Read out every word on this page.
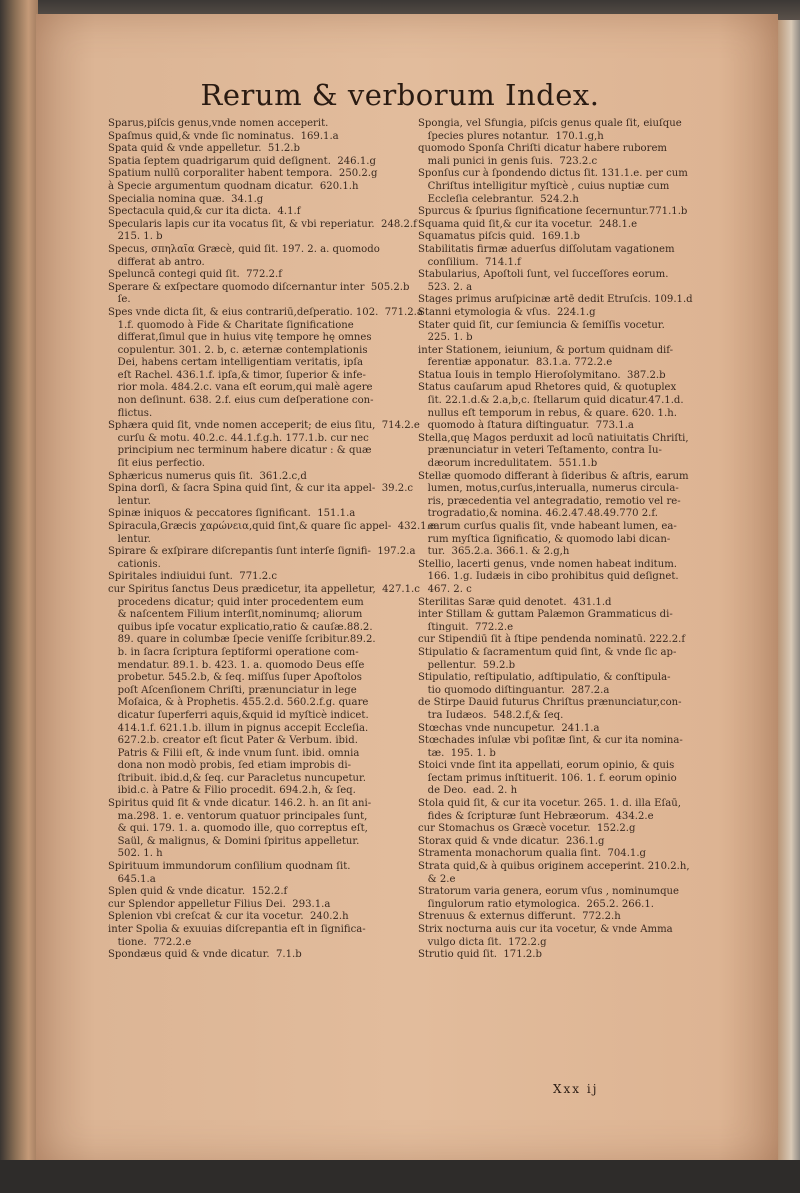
Rerum & verborum Index.
Sparus,piſcis genus,vnde nomen acceperit.
Spaſmus quid,& vnde ſic nominatus.  169.1.a
Spata quid & vnde appelletur.  51.2.b
Spatia ſeptem quadrigarum quid deſignent.  246.1.g
Spatium nullū corporaliter habent tempora.  250.2.g
à Specie argumentum quodnam dicatur.  620.1.h
Specialia nomina quæ.  34.1.g
Spectacula quid,& cur ita dicta.  4.1.f
Specularis lapis cur ita vocatus ſit, & vbi reperiatur.  248.2.f
215. 1. b
Specus, σπηλαῖα Græcè, quid ſit. 197. 2. a. quomodo
differat ab antro.
Speluncā contegi quid ſit.  772.2.f
Sperare & exſpectare quomodo diſcernantur inter  505.2.b
ſe.
Spes vnde dicta ſit, & eius contrariū,deſperatio. 102.  771.2.a
1.f. quomodo à Fide & Charitate ſignificatione
differat,ſimul que in huius vitę tempore hę omnes
copulentur. 301. 2. b, c. æternæ contemplationis
Dei, habens certam intelligentiam veritatis, ipſa
eſt Rachel. 436.1.f. ipſa,& timor, ſuperior & infe-
rior mola. 484.2.c. vana eſt eorum,qui malè agere
non deſinunt. 638. 2.f. eius cum deſperatione con-
flictus.
Sphæra quid ſit, vnde nomen acceperit; de eius ſitu,  714.2.e
curſu & motu. 40.2.c. 44.1.f.g.h. 177.1.b. cur nec
principium nec terminum habere dicatur : & quæ
ſit eius perfectio.
Sphæricus numerus quis ſit.  361.2.c,d
Spina dorſi, & ſacra Spina quid ſint, & cur ita appel-  39.2.c
lentur.
Spinæ iniquos & peccatores ſignificant.  151.1.a
Spiracula,Græcis χαρώνεια,quid ſint,& quare ſic appel-  432.1.e
lentur.
Spirare & exſpirare diſcrepantis ſunt interſe ſignifi-  197.2.a
cationis.
Spiritales indiuidui ſunt.  771.2.c
cur Spiritus ſanctus Deus prædicetur, ita appelletur,  427.1.c
procedens dicatur; quid inter procedentem eum
& naſcentem Filium interſit,nominumq; aliorum
quibus ipſe vocatur explicatio,ratio & cauſæ.88.2.
89. quare in columbæ ſpecie veniſſe ſcribitur.89.2.
b. in ſacra ſcriptura ſeptiformi operatione com-
mendatur. 89.1. b. 423. 1. a. quomodo Deus eſſe
probetur. 545.2.b, & ſeq. miſſus ſuper Apoſtolos
poſt Aſcenſionem Chriſti, prænunciatur in lege
Moſaica, & à Prophetis. 455.2.d. 560.2.f.g. quare
dicatur ſuperferri aquis,&quid id myſticè indicet.
414.1.f. 621.1.b. illum in pignus accepit Eccleſia.
627.2.b. creator eſt ſicut Pater & Verbum. ibid.
Patris & Filii eſt, & inde vnum ſunt. ibid. omnia
dona non modò probis, ſed etiam improbis di-
ſtribuit. ibid.d,& ſeq. cur Paracletus nuncupetur.
ibid.c. à Patre & Filio procedit. 694.2.h, & ſeq.
Spiritus quid ſit & vnde dicatur. 146.2. h. an ſit ani-
ma.298. 1. e. ventorum quatuor principales ſunt,
& qui. 179. 1. a. quomodo ille, quo correptus eſt,
Saül, & malignus, & Domini ſpiritus appelletur.
502. 1. h
Spirituum immundorum conſilium quodnam ſit.
645.1.a
Splen quid & vnde dicatur.  152.2.f
cur Splendor appelletur Filius Dei.  293.1.a
Splenion vbi creſcat & cur ita vocetur.  240.2.h
inter Spolia & exuuias diſcrepantia eſt in ſignifica-
tione.  772.2.e
Spondæus quid & vnde dicatur.  7.1.b
Spongia, vel Sfungia, piſcis genus quale ſit, eiuſque
ſpecies plures notantur.  170.1.g,h
quomodo Sponſa Chriſti dicatur habere ruborem
mali punici in genis ſuis.  723.2.c
Sponſus cur à ſpondendo dictus ſit. 131.1.e. per cum
Chriſtus intelligitur myſticè , cuius nuptiæ cum
Eccleſia celebrantur.  524.2.h
Spurcus & ſpurius ſignificatione ſecernuntur.771.1.b
Squama quid ſit,& cur ita vocetur.  248.1.e
Squamatus piſcis quid.  169.1.b
Stabilitatis firmæ aduerſus diſſolutam vagationem
conſilium.  714.1.f
Stabularius, Apoſtoli ſunt, vel ſucceſſores eorum.
523. 2. a
Stages primus aruſpicinæ artē dedit Etruſcis. 109.1.d
Stanni etymologia & vſus.  224.1.g
Stater quid ſit, cur ſemiuncia & ſemiſſis vocetur.
225. 1. b
inter Stationem, ieiunium, & portum quidnam dif-
ferentiæ apponatur.  83.1.a. 772.2.e
Statua Iouis in templo Hieroſolymitano.  387.2.b
Status cauſarum apud Rhetores quid, & quotuplex
ſit. 22.1.d.& 2.a,b,c. ſtellarum quid dicatur.47.1.d.
nullus eſt temporum in rebus, & quare. 620. 1.h.
quomodo à ſtatura diſtinguatur.  773.1.a
Stella,quę Magos perduxit ad locū natiuitatis Chriſti,
prænunciatur in veteri Teſtamento, contra Iu-
dæorum incredulitatem.  551.1.b
Stellæ quomodo differant à ſideribus & aſtris, earum
lumen, motus,curſus,interualla, numerus circula-
ris, præcedentia vel antegradatio, remotio vel re-
trogradatio,& nomina. 46.2.47.48.49.770 2.f.
earum curſus qualis ſit, vnde habeant lumen, ea-
rum myſtica ſignificatio, & quomodo labi dican-
tur.  365.2.a. 366.1. & 2.g,h
Stellio, lacerti genus, vnde nomen habeat inditum.
166. 1.g. Iudæis in cibo prohibitus quid deſignet.
467. 2. c
Sterilitas Saræ quid denotet.  431.1.d
inter Stillam & guttam Palæmon Grammaticus di-
ſtinguit.  772.2.e
cur Stipendiū ſit à ſtipe pendenda nominatū. 222.2.f
Stipulatio & ſacramentum quid ſint, & vnde ſic ap-
pellentur.  59.2.b
Stipulatio, reſtipulatio, adſtipulatio, & conſtipula-
tio quomodo diſtinguantur.  287.2.a
de Stirpe Dauid futurus Chriſtus prænunciatur,con-
tra Iudæos.  548.2.f,& ſeq.
Stœchas vnde nuncupetur.  241.1.a
Stœchades inſulæ vbi poſitæ ſint, & cur ita nomina-
tæ.  195. 1. b
Stoici vnde ſint ita appellati, eorum opinio, & quis
ſectam primus inſtituerit. 106. 1. f. eorum opinio
de Deo.  ead. 2. h
Stola quid ſit, & cur ita vocetur. 265. 1. d. illa Eſaū,
fides & ſcripturæ ſunt Hebræorum.  434.2.e
cur Stomachus os Græcè vocetur.  152.2.g
Storax quid & vnde dicatur.  236.1.g
Stramenta monachorum qualia ſint.  704.1.g
Strata quid,& à quibus originem acceperint. 210.2.h,
& 2.e
Stratorum varia genera, eorum vſus , nominumque
ſingulorum ratio etymologica.  265.2. 266.1.
Strenuus & externus differunt.  772.2.h
Strix nocturna auis cur ita vocetur, & vnde Amma
vulgo dicta ſit.  172.2.g
Strutio quid ſit.  171.2.b
Xxx ij
